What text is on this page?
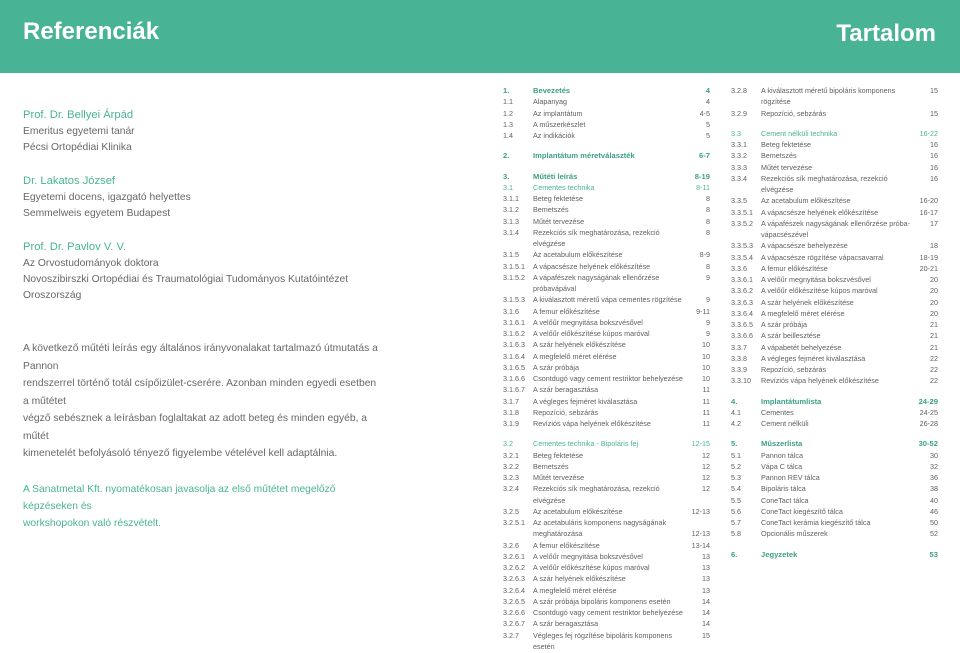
Referenciák	Tartalom
Prof. Dr. Bellyei Árpád
Emeritus egyetemi tanár
Pécsi Ortopédiai Klinika
Dr. Lakatos József
Egyetemi docens, igazgató helyettes
Semmelweis egyetem Budapest
Prof. Dr. Pavlov V. V.
Az Orvostudományok doktora
Novoszibirszki Ortopédiai és Traumatológiai Tudományos Kutatóintézet
Oroszország

A következő műtéti leírás egy általános irányvonalakat tartalmazó útmutatás a Pannon

rendszerrel történő totál csípőizület-cserére. Azonban minden egyedi esetben a műtétet

végző sebésznek a leírásban foglaltakat az adott beteg és minden egyéb, a műtét

kimenetelét befolyásoló tényező figyelembe vételével kell adaptálnia.

A Sanatmetal Kft. nyomatékosan javasolja az első műtétet megelőző képzéseken és
workshopokon való részvételt.
1.	Bevezetés	4
1.1	Alapanyag	4
1.2	Az implantátum	4-5
1.3	A műszerkészlet	5
1.4	Az indikációk	5
2.	Implantátum méretválaszték	6-7
3.	Műtéti leírás	8-19
3.1	Cementes technika	8-11
3.1.1 Beteg fektetése	8
3.1.2 Bemetszés	8
3.1.3 Műtét tervezése	8
3.1.4 Rezekciós sík meghatározása, rezekció	8
elvégzése
3.1.5 Az acetabulum előkészítése	8-9
3.1.5.1 A vápacsésze helyének előkészítése	8
3.1.5.2 A vápafészek nagyságának ellenőrzése	9
próbavápával
3.1.5.3 A kiválasztott méretű vápa cementes rögzítése	9
3.1.6 A femur előkészítése	9-11
3.1.6.1 A velőűr megnyitása bokszvésővel	9
3.1.6.2 A velőűr előkészítése kúpos maróval	9
3.1.6.3 A szár helyének előkészítése	10
3.1.6.4 A megfelelő méret elérése	10
3.1.6.5 A szár próbája	10
3.1.6.6 Csontdugó vagy cement restriktor behelyezése	10
3.1.6.7 A szár beragasztása	11
3.1.7 A végleges fejméret kiválasztása	11
3.1.8 Repozíció, sebzárás	11
3.1.9 Revíziós vápa helyének előkészítése	11
3.2	Cementes technika - Bipoláris fej	12-15
3.2.1 Beteg fektetése	12
3.2.2 Bemetszés	12
3.2.3 Műtét tervezése	12
3.2.4 Rezekciós sík meghatározása, rezekció	12
elvégzése
3.2.5 Az acetabulum előkészítése	12-13
3.2.5.1 Az acetabuláris komponens nagyságának
meghatározása	12-13
3.2.6 A femur előkészítése	13-14
3.2.6.1 A velőűr megnyitása bokszvésővel	13
3.2.6.2 A velőűr előkészítése kúpos maróval	13
3.2.6.3 A szár helyének előkészítése	13
3.2.6.4 A megfelelő méret elérése	13
3.2.6.5 A szár próbája bipoláris komponens esetén	14
3.2.6.6 Csontdugó vagy cement restriktor behelyezése	14
3.2.6.7 A szár beragasztása	14
3.2.7 Végleges fej rögzítése bipoláris komponens	15
esetén
3.2.8 A kiválasztott méretű bipoláris komponens	15
rögzítése
3.2.9 Repozíció, sebzárás	15
3.3	Cement nélküli technika	16-22
3.3.1 Beteg fektetése	16
3.3.2 Bemetszés	16
3.3.3 Műtét tervezése	16
3.3.4 Rezekciós sík meghatározása, rezekció	16
elvégzése
3.3.5 Az acetabulum előkészítése	16-20
3.3.5.1 A vápacsésze helyének előkészítése	16-17
3.3.5.2 A vápafészek nagyságának ellenőrzése próba-	17
vápacsészével
3.3.5.3 A vápacsésze behelyezése	18
3.3.5.4 A vápacsésze rögzítése vápacsavarral	18-19
3.3.6 A femur előkészítése	20-21
3.3.6.1 A velőűr megnyitása bokszvésővel	20
3.3.6.2 A velőűr előkészítése kúpos maróval	20
3.3.6.3 A szár helyének előkészítése	20
3.3.6.4 A megfelelő méret elérése	20
3.3.6.5 A szár próbája	21
3.3.6.6 A szár beillesztése	21
3.3.7 A vápabetét behelyezése	21
3.3.8 A végleges fejméret kiválasztása	22
3.3.9 Repozíció, sebzárás	22
3.3.10 Revíziós vápa helyének előkészítése	22
4.	Implantátumlista	24-29
4.1	Cementes	24-25
4.2	Cement nélküli	26-28
5.	Műszerlista	30-52
5.1	Pannon tálca	30
5.2	Vápa C tálca	32
5.3	Pannon REV tálca	36
5.4	Bipoláris tálca	38
5.5	ConeTact tálca	40
5.6	ConeTact kiegészítő tálca	46
5.7	ConeTact kerámia kiegészítő tálca	50
5.8	Opcionális műszerek	52
6.	Jegyzetek	53
